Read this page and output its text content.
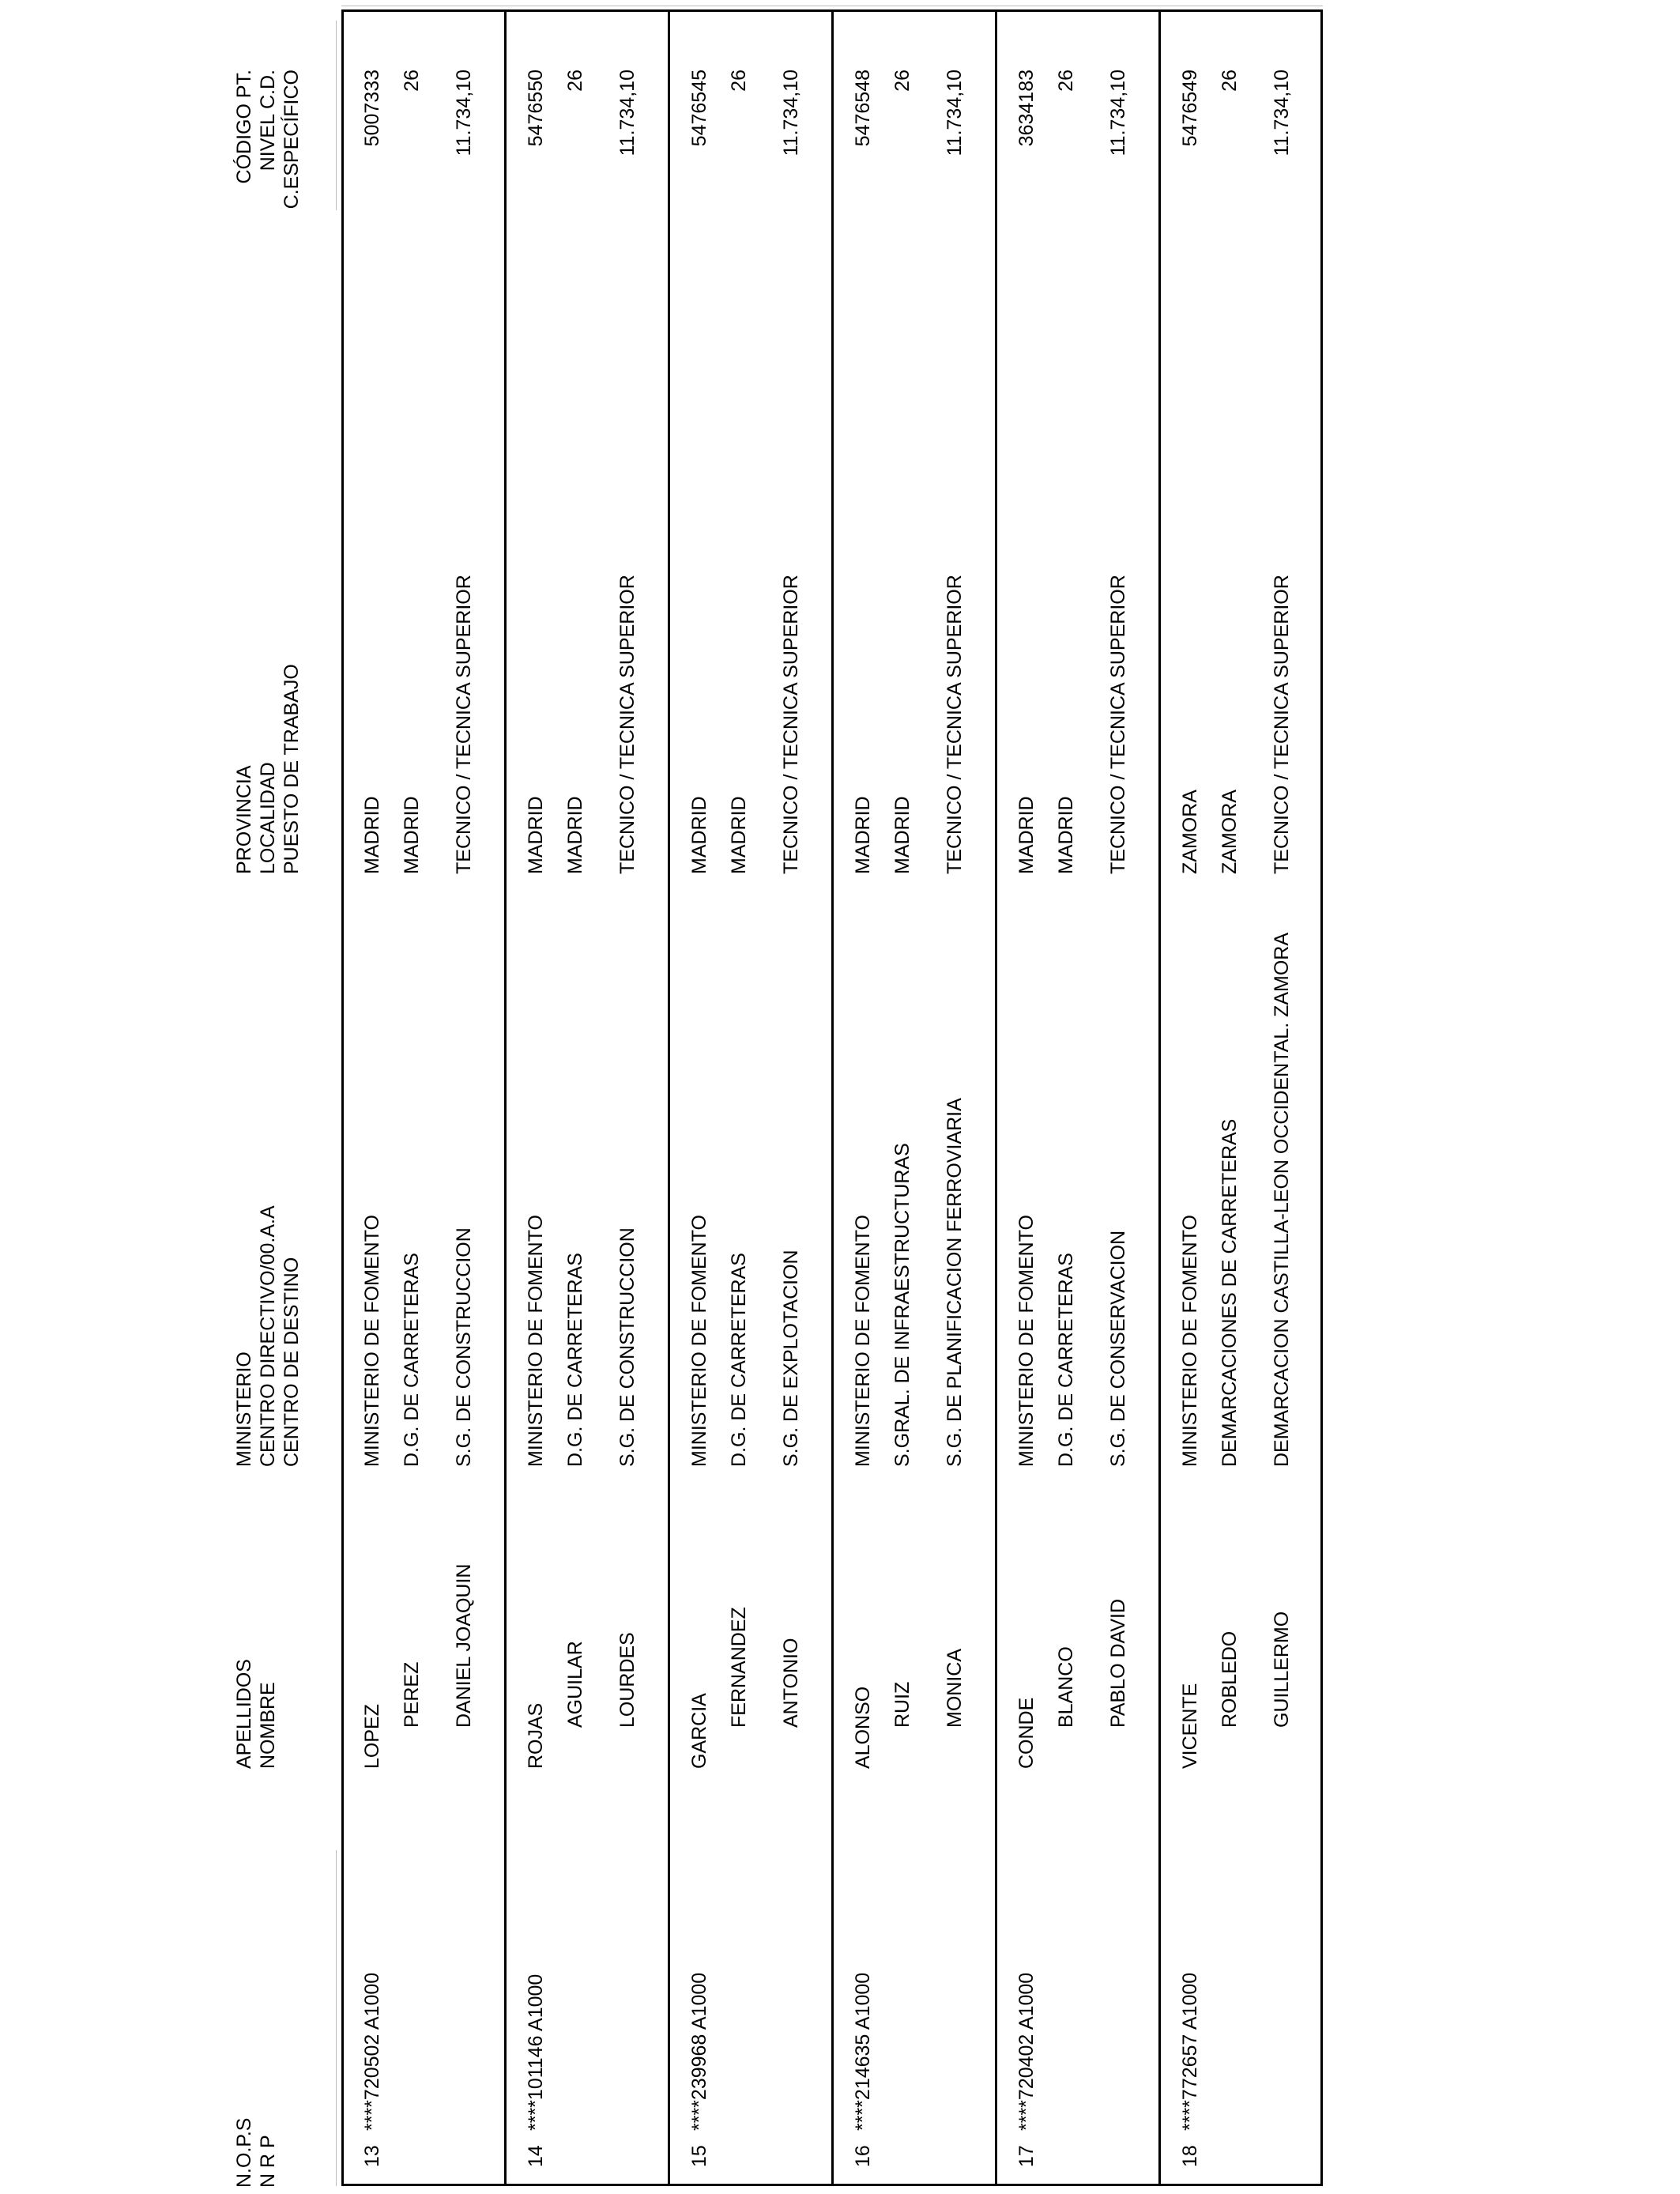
N.O.P.S N R P
APELLIDOS NOMBRE
MINISTERIO CENTRO DIRECTIVO/00.A.A CENTRO DE DESTINO
PROVINCIA LOCALIDAD PUESTO DE TRABAJO
CÓDIGO PT. NIVEL C.D. C.ESPECÍFICO
13
****720502 A1000
LOPEZ
PEREZ DANIEL JOAQUIN
MINISTERIO DE FOMENTO D.G. DE CARRETERAS S.G. DE CONSTRUCCION
MADRID MADRID TECNICO / TECNICA SUPERIOR
5007333 26 11.734,10
14
****101146 A1000
ROJAS
AGUILAR LOURDES
MINISTERIO DE FOMENTO D.G. DE CARRETERAS S.G. DE CONSTRUCCION
MADRID MADRID TECNICO / TECNICA SUPERIOR
5476550 26 11.734,10
15
****239968 A1000
GARCIA
FERNANDEZ ANTONIO
MINISTERIO DE FOMENTO D.G. DE CARRETERAS S.G. DE EXPLOTACION
MADRID MADRID TECNICO / TECNICA SUPERIOR
5476545 26 11.734,10
16
****214635 A1000
ALONSO RUIZ MONICA
MINISTERIO DE FOMENTO S.GRAL. DE INFRAESTRUCTURAS S.G. DE PLANIFICACION FERROVIARIA
MADRID MADRID TECNICO / TECNICA SUPERIOR
5476548 26 11.734,10
17
****720402 A1000
CONDE
BLANCO PABLO DAVID
MINISTERIO DE FOMENTO D.G. DE CARRETERAS S.G. DE CONSERVACION
MADRID MADRID TECNICO / TECNICA SUPERIOR
3634183 26 11.734,10
18
****772657 A1000
VICENTE ROBLEDO GUILLERMO
MINISTERIO DE FOMENTO DEMARCACIONES DE CARRETERAS DEMARCACION CASTILLA-LEON OCCIDENTAL. ZAMORA
ZAMORA ZAMORA TECNICO / TECNICA SUPERIOR
5476549 26 11.734,10
